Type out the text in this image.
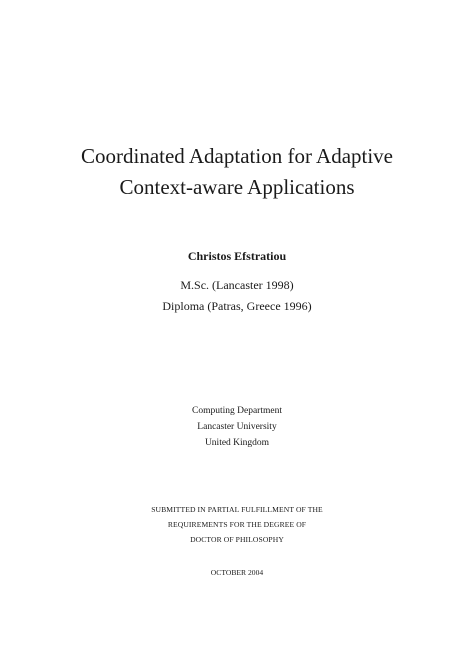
Coordinated Adaptation for Adaptive
Context-aware Applications
Christos Efstratiou
M.Sc. (Lancaster 1998)
Diploma (Patras, Greece 1996)
Computing Department
Lancaster University
United Kingdom
SUBMITTED IN PARTIAL FULFILLMENT OF THE
REQUIREMENTS FOR THE DEGREE OF
DOCTOR OF PHILOSOPHY
OCTOBER 2004
